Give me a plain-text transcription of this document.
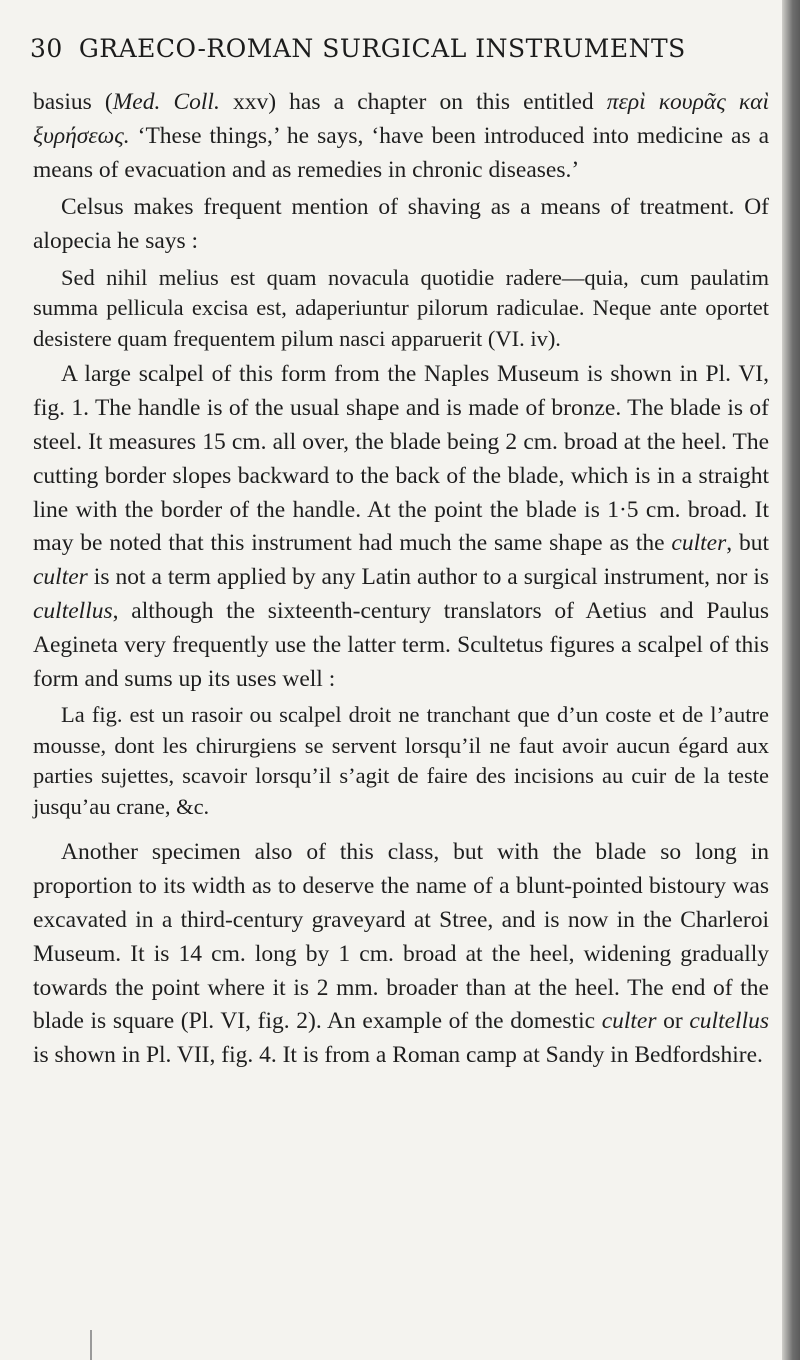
30 GRAECO-ROMAN SURGICAL INSTRUMENTS

basius (Med. Coll. xxv) has a chapter on this entitled περὶ κουρᾶς καὶ ξυρήσεως. ‘These things,’ he says, ‘have been introduced into medicine as a means of evacuation and as remedies in chronic diseases.’

Celsus makes frequent mention of shaving as a means of treatment. Of alopecia he says :

Sed nihil melius est quam novacula quotidie radere—quia, cum paulatim summa pellicula excisa est, adaperiuntur pilorum radiculae. Neque ante oportet desistere quam frequentem pilum nasci apparuerit (VI. iv).

A large scalpel of this form from the Naples Museum is shown in Pl. VI, fig. 1. The handle is of the usual shape and is made of bronze. The blade is of steel. It measures 15 cm. all over, the blade being 2 cm. broad at the heel. The cutting border slopes backward to the back of the blade, which is in a straight line with the border of the handle. At the point the blade is 1·5 cm. broad. It may be noted that this instrument had much the same shape as the culter, but culter is not a term applied by any Latin author to a surgical instrument, nor is cultellus, although the sixteenth-century translators of Aetius and Paulus Aegineta very frequently use the latter term. Scultetus figures a scalpel of this form and sums up its uses well :

La fig. est un rasoir ou scalpel droit ne tranchant que d’un coste et de l’autre mousse, dont les chirurgiens se servent lorsqu’il ne faut avoir aucun égard aux parties sujettes, scavoir lorsqu’il s’agit de faire des incisions au cuir de la teste jusqu’au crane, &c.

Another specimen also of this class, but with the blade so long in proportion to its width as to deserve the name of a blunt-pointed bistoury was excavated in a third-century graveyard at Stree, and is now in the Charleroi Museum. It is 14 cm. long by 1 cm. broad at the heel, widening gradually towards the point where it is 2 mm. broader than at the heel. The end of the blade is square (Pl. VI, fig. 2). An example of the domestic culter or cultellus is shown in Pl. VII, fig. 4. It is from a Roman camp at Sandy in Bedfordshire.
